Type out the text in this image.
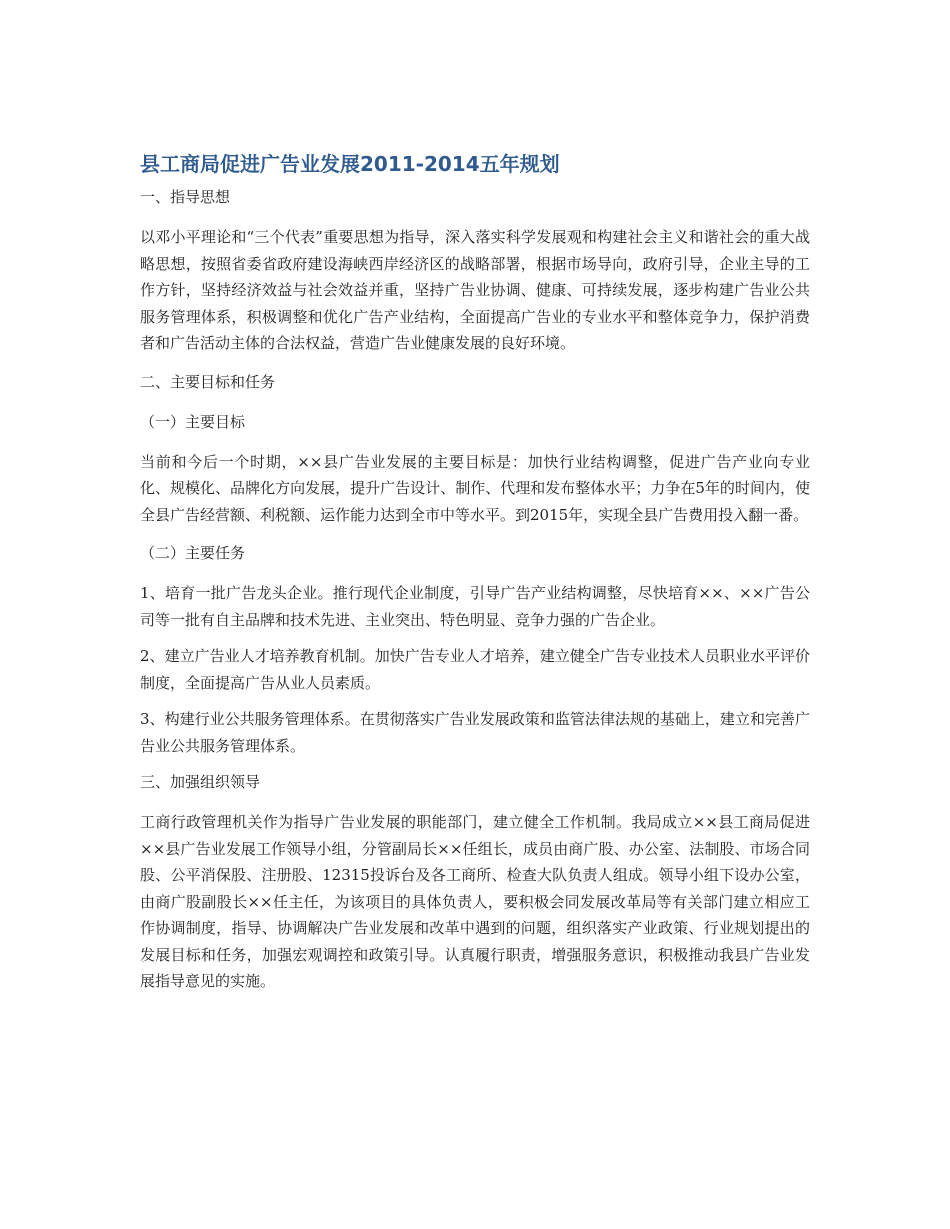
县工商局促进广告业发展2011-2014五年规划
一、指导思想

以邓小平理论和“三个代表”重要思想为指导，深入落实科学发展观和构建社会主义和谐社会的重大战略思想，按照省委省政府建设海峡西岸经济区的战略部署，根据市场导向，政府引导，企业主导的工作方针，坚持经济效益与社会效益并重，坚持广告业协调、健康、可持续发展，逐步构建广告业公共服务管理体系，积极调整和优化广告产业结构，全面提高广告业的专业水平和整体竞争力，保护消费者和广告活动主体的合法权益，营造广告业健康发展的良好环境。

二、主要目标和任务
（一）主要目标

当前和今后一个时期，××县广告业发展的主要目标是：加快行业结构调整，促进广告产业向专业化、规模化、品牌化方向发展，提升广告设计、制作、代理和发布整体水平；力争在5年的时间内，使全县广告经营额、利税额、运作能力达到全市中等水平。到2015年，实现全县广告费用投入翻一番。

（二）主要任务

1、培育一批广告龙头企业。推行现代企业制度，引导广告产业结构调整，尽快培育××、××广告公司等一批有自主品牌和技术先进、主业突出、特色明显、竞争力强的广告企业。

2、建立广告业人才培养教育机制。加快广告专业人才培养，建立健全广告专业技术人员职业水平评价制度，全面提高广告从业人员素质。

3、构建行业公共服务管理体系。在贯彻落实广告业发展政策和监管法律法规的基础上，建立和完善广告业公共服务管理体系。

三、加强组织领导

工商行政管理机关作为指导广告业发展的职能部门，建立健全工作机制。我局成立××县工商局促进××县广告业发展工作领导小组，分管副局长××任组长，成员由商广股、办公室、法制股、市场合同股、公平消保股、注册股、12315投诉台及各工商所、检查大队负责人组成。领导小组下设办公室，由商广股副股长××任主任，为该项目的具体负责人，要积极会同发展改革局等有关部门建立相应工作协调制度，指导、协调解决广告业发展和改革中遇到的问题，组织落实产业政策、行业规划提出的发展目标和任务，加强宏观调控和政策引导。认真履行职责，增强服务意识，积极推动我县广告业发展指导意见的实施。
